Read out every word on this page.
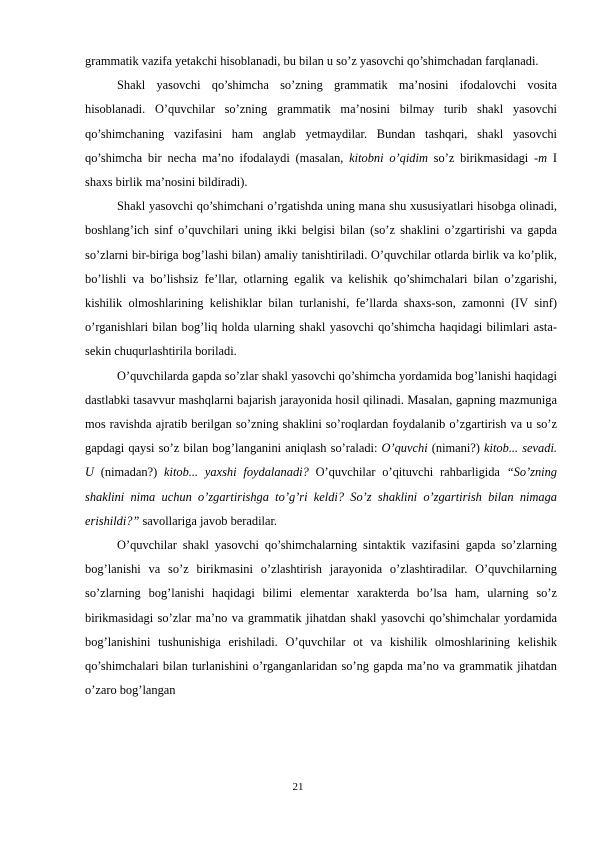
grammatik vazifa yetakchi hisoblanadi, bu bilan u so’z yasovchi qo’shimchadan farqlanadi.

Shakl yasovchi qo’shimcha so’zning grammatik ma’nosini ifodalovchi vosita hisoblanadi. O’quvchilar so’zning grammatik ma’nosini bilmay turib shakl yasovchi qo’shimchaning vazifasini ham anglab yetmaydilar. Bundan tashqari, shakl yasovchi qo’shimcha bir necha ma’no ifodalaydi (masalan, kitobni o’qidim so’z birikmasidagi -m I shaxs birlik ma’nosini bildiradi).

Shakl yasovchi qo’shimchani o’rgatishda uning mana shu xususiyatlari hisobga olinadi, boshlang’ich sinf o’quvchilari uning ikki belgisi bilan (so’z shaklini o’zgartirishi va gapda so’zlarni bir-biriga bog’lashi bilan) amaliy tanishtiriladi. O’quvchilar otlarda birlik va ko’plik, bo’lishli va bo’lishsiz fe’llar, otlarning egalik va kelishik qo’shimchalari bilan o’zgarishi, kishilik olmoshlarining kelishiklar bilan turlanishi, fe’llarda shaxs-son, zamonni (IV sinf) o’rganishlari bilan bog’liq holda ularning shakl yasovchi qo’shimcha haqidagi bilimlari asta-sekin chuqurlashtirila boriladi.

O’quvchilarda gapda so’zlar shakl yasovchi qo’shimcha yordamida bog’lanishi haqidagi dastlabki tasavvur mashqlarni bajarish jarayonida hosil qilinadi. Masalan, gapning mazmuniga mos ravishda ajratib berilgan so’zning shaklini so’roqlardan foydalanib o’zgartirish va u so’z gapdagi qaysi so’z bilan bog’langanini aniqlash so’raladi: O’quvchi (nimani?) kitob... sevadi. U (nimadan?) kitob... yaxshi foydalanadi? O’quvchilar o’qituvchi rahbarligida “So’zning shaklini nima uchun o’zgartirishga to’g’ri keldi? So’z shaklini o’zgartirish bilan nimaga erishildi?” savollariga javob beradilar.

O’quvchilar shakl yasovchi qo’shimchalarning sintaktik vazifasini gapda so’zlarning bog’lanishi va so’z birikmasini o’zlashtirish jarayonida o’zlashtiradilar. O’quvchilarning so’zlarning bog’lanishi haqidagi bilimi elementar xarakterda bo’lsa ham, ularning so’z birikmasidagi so’zlar ma’no va grammatik jihatdan shakl yasovchi qo’shimchalar yordamida bog’lanishini tushunishiga erishiladi. O’quvchilar ot va kishilik olmoshlarining kelishik qo’shimchalari bilan turlanishini o’rganganlaridan so’ng gapda ma’no va grammatik jihatdan o’zaro bog’langan

21
